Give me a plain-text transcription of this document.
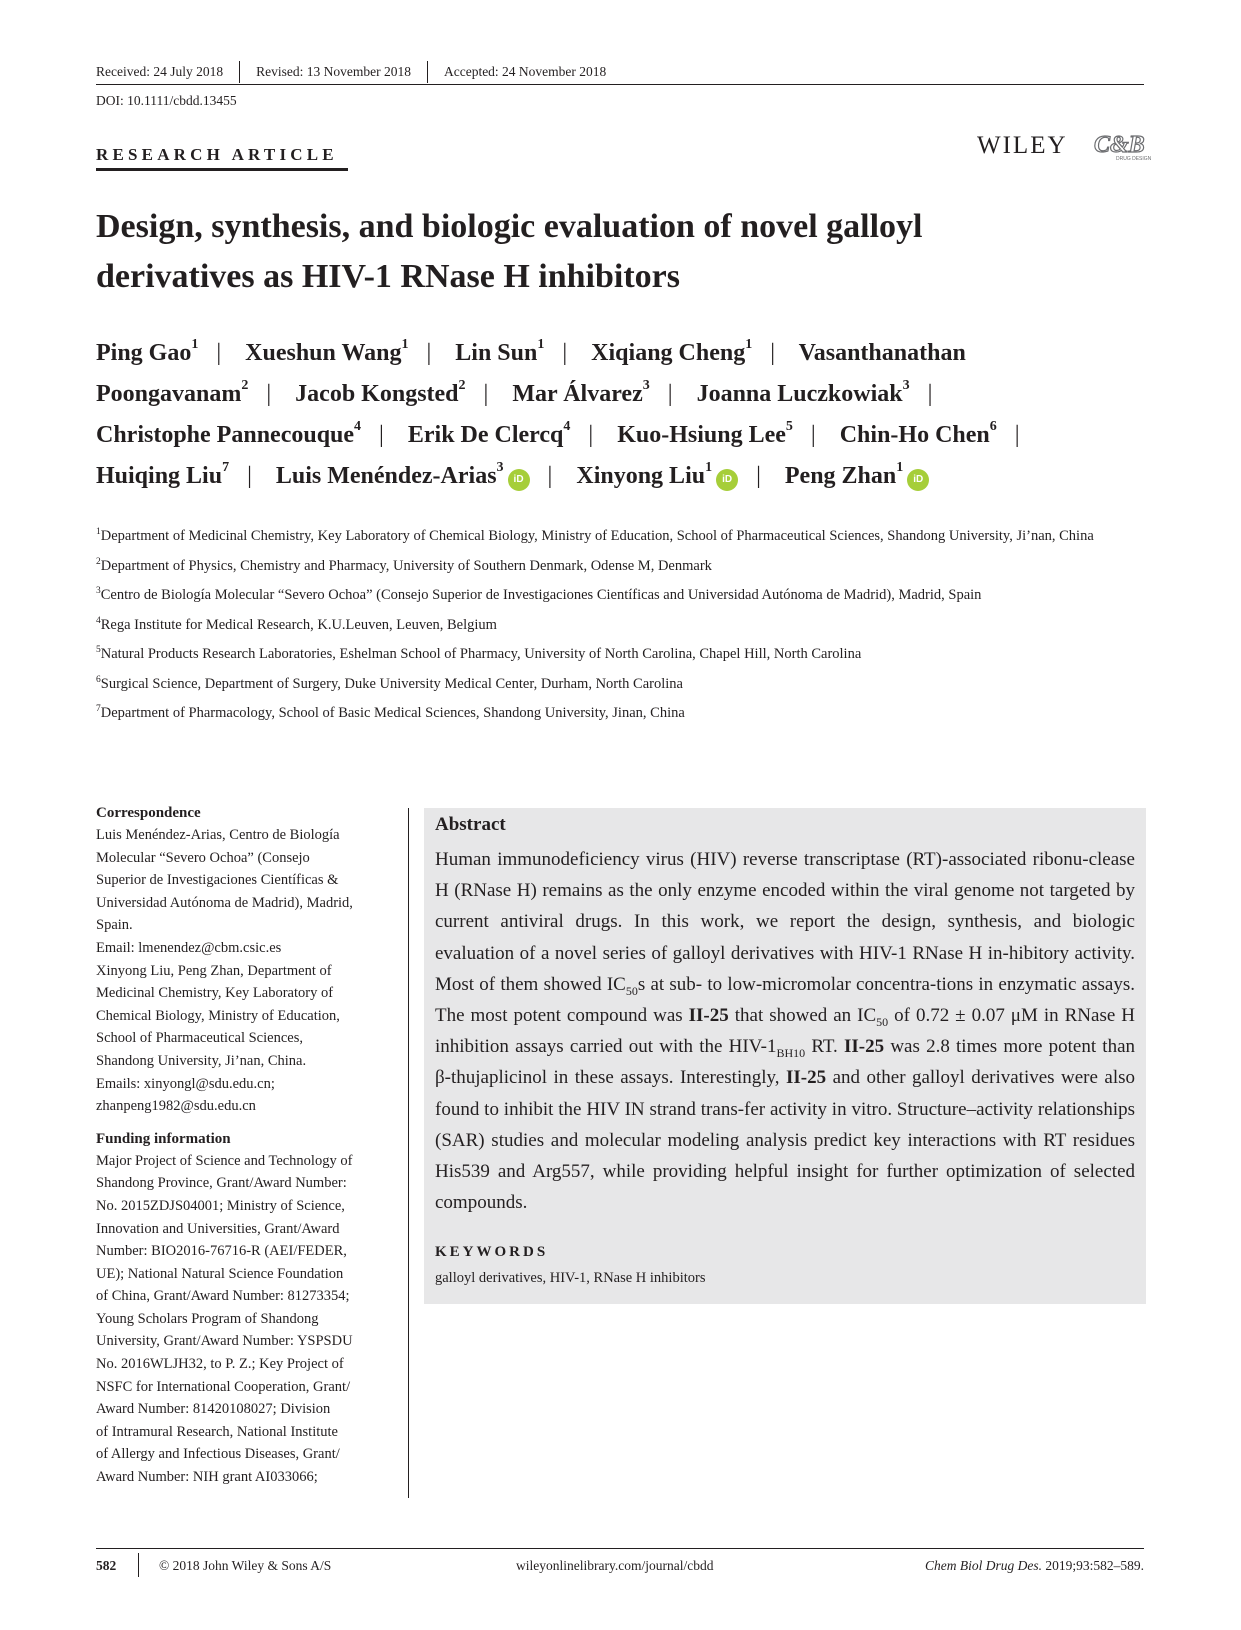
Received: 24 July 2018 Revised: 13 November 2018 Accepted: 24 November 2018
DOI: 10.1111/cbdd.13455
RESEARCH ARTICLE	WILEY C&B
DRUG DESIGN
Design, synthesis, and biologic evaluation of novel galloyl
derivatives as HIV-1 RNase H inhibitors
Ping Gao$^1$ | Xueshun Wang$^1$ | Lin Sun$^1$ | Xiqiang Cheng$^1$ | Vasanthanathan
Poongavanam$^2$ | Jacob Kongsted$^2$ | Mar Álvarez$^3$ | Joanna Luczkowiak$^3$ |
Christophe Pannecouque$^4$ | Erik De Clercq$^4$ | Kuo-Hsiung Lee$^5$ | Chin-Ho Chen$^6$ |
Huiqing Liu$^7$ | Luis Menéndez-Arias$^3$iD | Xinyong Liu$^1$iD | Peng Zhan$^1$iD
$^1$Department of Medicinal Chemistry, Key Laboratory of Chemical Biology, Ministry of Education, School of Pharmaceutical Sciences, Shandong University, Ji’nan, China
$^2$Department of Physics, Chemistry and Pharmacy, University of Southern Denmark, Odense M, Denmark
$^3$Centro de Biología Molecular “Severo Ochoa” (Consejo Superior de Investigaciones Científicas and Universidad Autónoma de Madrid), Madrid, Spain
$^4$Rega Institute for Medical Research, K.U.Leuven, Leuven, Belgium
$^5$Natural Products Research Laboratories, Eshelman School of Pharmacy, University of North Carolina, Chapel Hill, North Carolina
$^6$Surgical Science, Department of Surgery, Duke University Medical Center, Durham, North Carolina
$^7$Department of Pharmacology, School of Basic Medical Sciences, Shandong University, Jinan, China
Correspondence

Luis Menéndez-Arias, Centro de Biología

Molecular “Severo Ochoa” (Consejo

Superior de Investigaciones Científicas &

Universidad Autónoma de Madrid), Madrid,

Spain.

Email: lmenendez@cbm.csic.es

Xinyong Liu, Peng Zhan, Department of

Medicinal Chemistry, Key Laboratory of

Chemical Biology, Ministry of Education,

School of Pharmaceutical Sciences,

Shandong University, Ji’nan, China.

Emails: xinyongl@sdu.edu.cn;

zhanpeng1982@sdu.edu.cn

Funding information

Major Project of Science and Technology of

Shandong Province, Grant/Award Number:

No. 2015ZDJS04001; Ministry of Science,

Innovation and Universities, Grant/Award

Number: BIO2016-76716-R (AEI/FEDER,

UE); National Natural Science Foundation

of China, Grant/Award Number: 81273354;

Young Scholars Program of Shandong

University, Grant/Award Number: YSPSDU

No. 2016WLJH32, to P. Z.; Key Project of

NSFC for International Cooperation, Grant/

Award Number: 81420108027; Division

of Intramural Research, National Institute

of Allergy and Infectious Diseases, Grant/

Award Number: NIH grant AI033066;

Abstract

Human immunodeficiency virus (HIV) reverse transcriptase (RT)-associated ribonu-clease H (RNase H) remains as the only enzyme encoded within the viral genome not targeted by current antiviral drugs. In this work, we report the design, synthesis, and biologic evaluation of a novel series of galloyl derivatives with HIV-1 RNase H in-hibitory activity. Most of them showed $IC_{50}s$ at sub- to low-micromolar concentra-tions in enzymatic assays. The most potent compound was II-25 that showed an $IC_{50}$ of 0.72 ± 0.07 μM in RNase H inhibition assays carried out with the HIV-$1_{BH10}$ RT. II-25 was 2.8 times more potent than β-thujaplicinol in these assays. Interestingly, II-25 and other galloyl derivatives were also found to inhibit the HIV IN strand trans-fer activity in vitro. Structure–activity relationships (SAR) studies and molecular modeling analysis predict key interactions with RT residues His539 and Arg557, while providing helpful insight for further optimization of selected compounds.

KEYWORDS
galloyl derivatives, HIV-1, RNase H inhibitors
582	© 2018 John Wiley & Sons A/S	wileyonlinelibrary.com/journal/cbdd	Chem Biol Drug Des. 2019;93:582–589.
